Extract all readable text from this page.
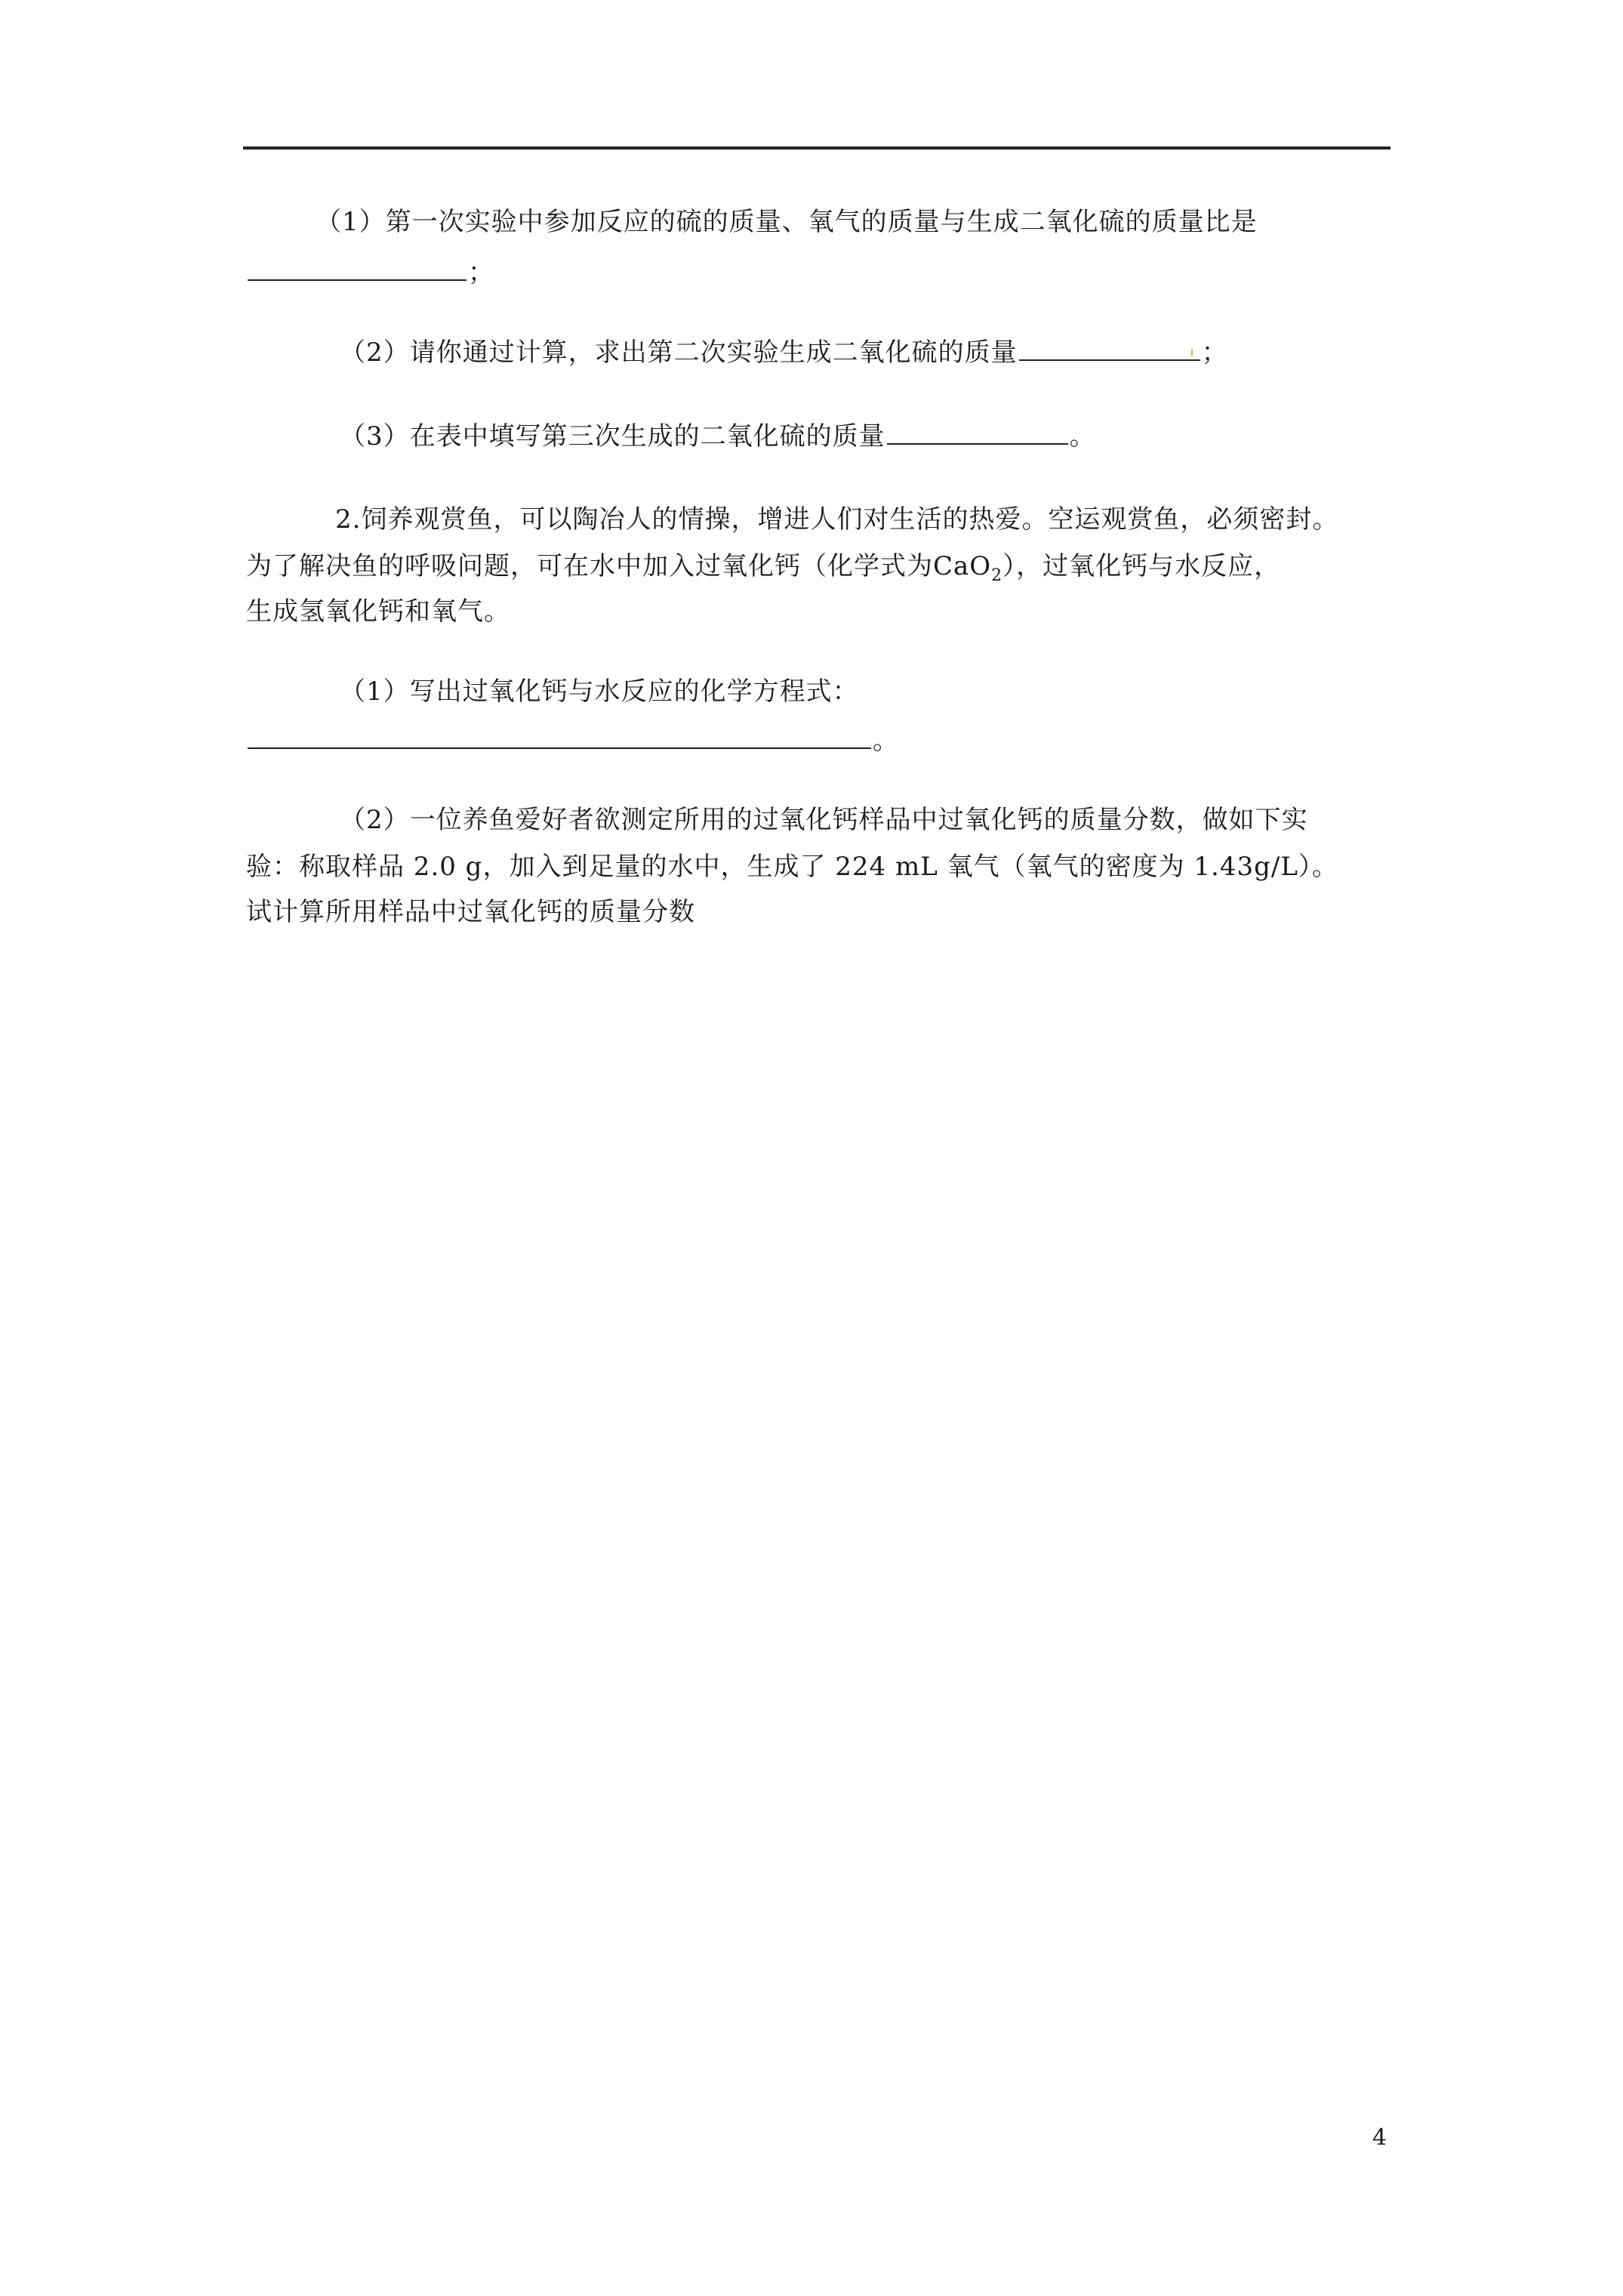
（1）第一次实验中参加反应的硫的质量、氧气的质量与生成二氧化硫的质量比是
；
（2）请你通过计算，求出第二次实验生成二氧化硫的质量	；
（3）在表中填写第三次生成的二氧化硫的质量	。
2.饲养观赏鱼，可以陶冶人的情操，增进人们对生活的热爱。空运观赏鱼，必须密封。
为了解决鱼的呼吸问题，可在水中加入过氧化钙（化学式为CaO$_2$），过氧化钙与水反应，
生成氢氧化钙和氧气。
（1）写出过氧化钙与水反应的化学方程式：
。
（2）一位养鱼爱好者欲测定所用的过氧化钙样品中过氧化钙的质量分数，做如下实
验：称取样品 2.0 g，加入到足量的水中，生成了 224 mL 氧气（氧气的密度为 1.43g/L）。
试计算所用样品中过氧化钙的质量分数
4
